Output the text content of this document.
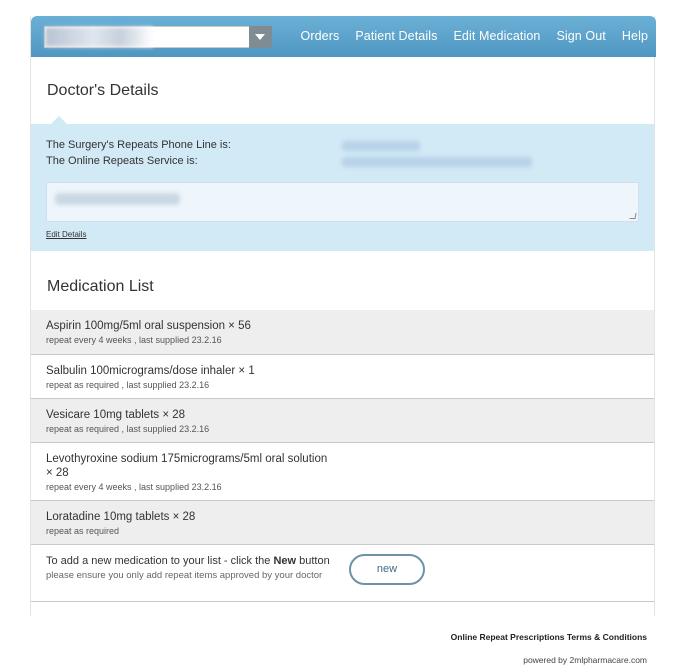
Orders Patient Details Edit Medication Sign Out Help
Doctor's Details
The Surgery's Repeats Phone Line is:
The Online Repeats Service is:
Edit Details
Medication List
Aspirin 100mg/5ml oral suspension × 56
repeat every 4 weeks , last supplied 23.2.16
Salbulin 100micrograms/dose inhaler × 1
repeat as required , last supplied 23.2.16
Vesicare 10mg tablets × 28
repeat as required , last supplied 23.2.16
Levothyroxine sodium 175micrograms/5ml oral solution
× 28
repeat every 4 weeks , last supplied 23.2.16
Loratadine 10mg tablets × 28
repeat as required
To add a new medication to your list - click the New button
please ensure you only add repeat items approved by your doctor
new
Online Repeat Prescriptions Terms & Conditions
powered by 2mlpharmacare.com
